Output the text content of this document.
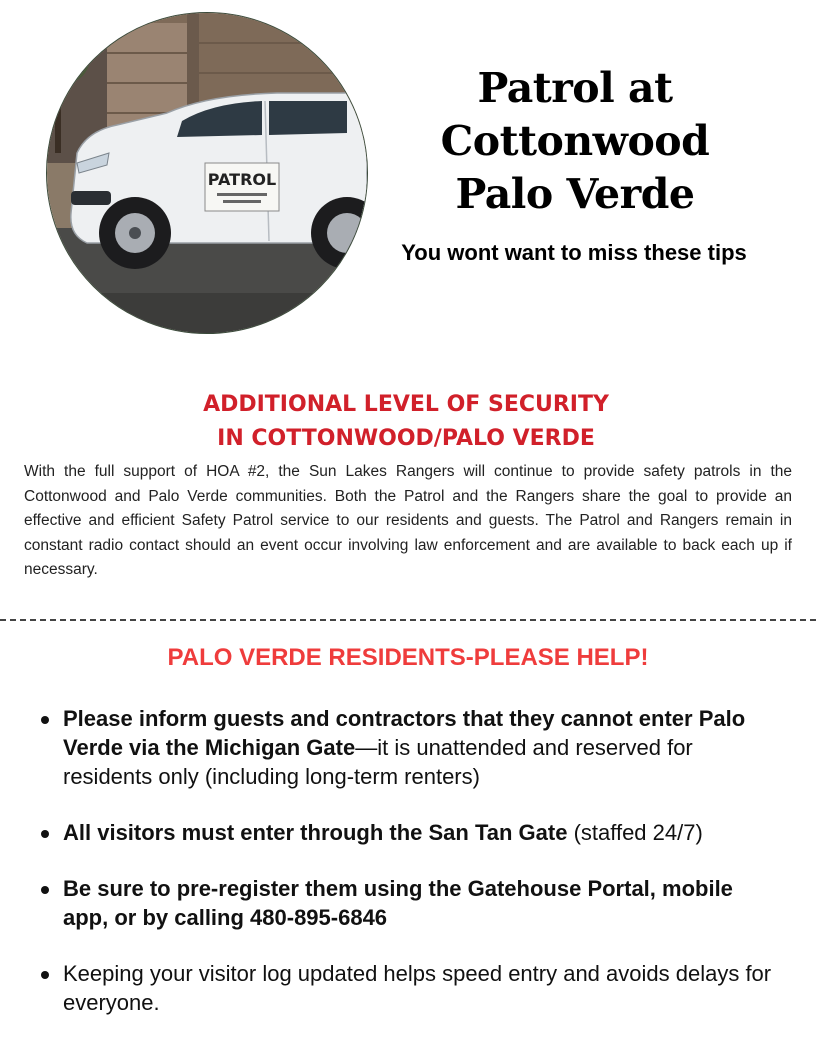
PATROL
Patrol at
Cottonwood
Palo Verde

You wont want to miss these tips

ADDITIONAL LEVEL OF SECURITY
IN COTTONWOOD/PALO VERDE

With the full support of HOA #2, the Sun Lakes Rangers will continue to provide safety patrols in the Cottonwood and Palo Verde communities. Both the Patrol and the Rangers share the goal to provide an effective and efficient Safety Patrol service to our residents and guests. The Patrol and Rangers remain in constant radio contact should an event occur involving law enforcement and are available to back each up if necessary.

PALO VERDE RESIDENTS-PLEASE HELP!
Please inform guests and contractors that they cannot enter Palo Verde via the Michigan Gate—it is unattended and reserved for residents only (including long-term renters)
All visitors must enter through the San Tan Gate (staffed 24/7)
Be sure to pre-register them using the Gatehouse Portal, mobile app, or by calling 480-895-6846
Keeping your visitor log updated helps speed entry and avoids delays for everyone.
